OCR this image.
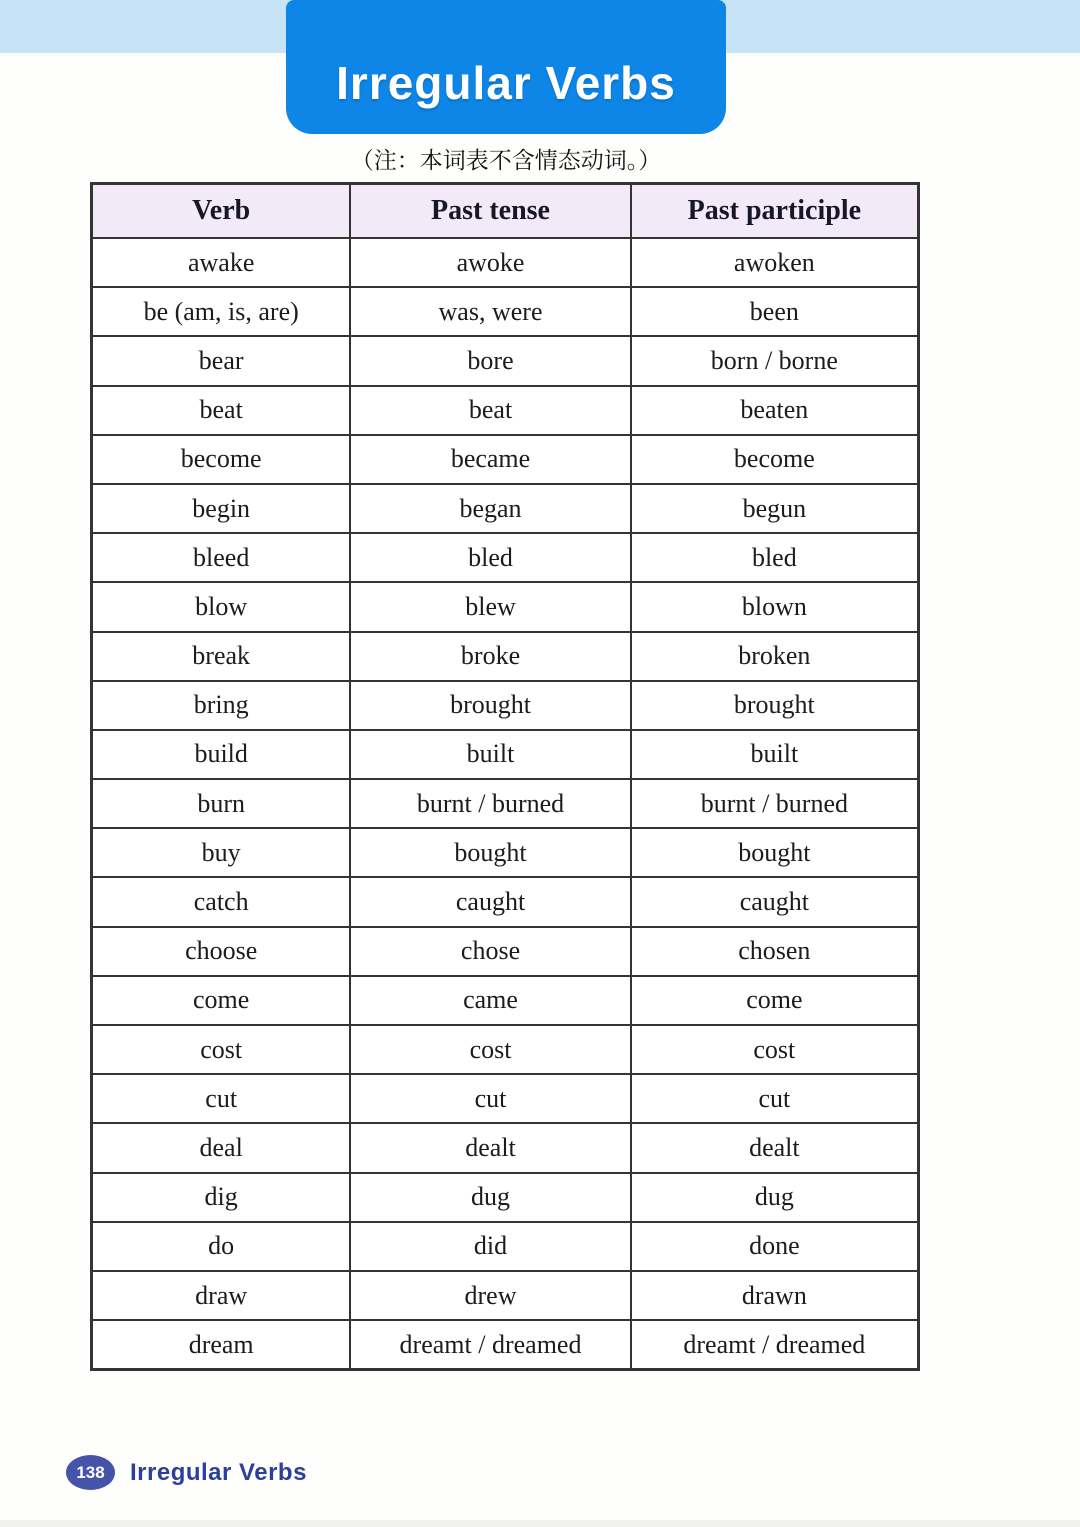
Irregular Verbs
（注：本词表不含情态动词。）
Verb	Past tense	Past participle
awake	awoke	awoken
be (am, is, are)	was, were	been
bear	bore	born / borne
beat	beat	beaten
become	became	become
begin	began	begun
bleed	bled	bled
blow	blew	blown
break	broke	broken
bring	brought	brought
build	built	built
burn	burnt / burned	burnt / burned
buy	bought	bought
catch	caught	caught
choose	chose	chosen
come	came	come
cost	cost	cost
cut	cut	cut
deal	dealt	dealt
dig	dug	dug
do	did	done
draw	drew	drawn
dream	dreamt / dreamed	dreamt / dreamed
138	Irregular Verbs
